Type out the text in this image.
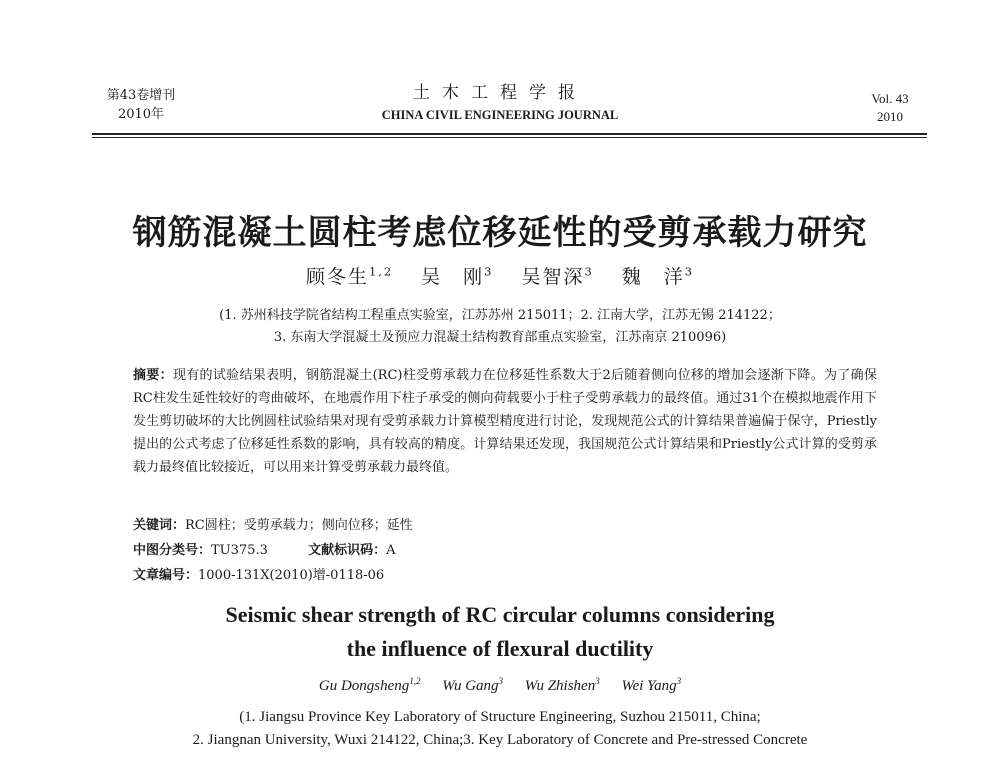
第43卷增刊
2010年
土木工程学报
CHINA CIVIL ENGINEERING JOURNAL
Vol. 43
2010
钢筋混凝土圆柱考虑位移延性的受剪承载力研究
顾冬生$^{1,2}$ 吴　刚$^3$ 吴智深$^3$ 魏　洋$^3$
(1. 苏州科技学院省结构工程重点实验室，江苏苏州 215011；2. 江南大学，江苏无锡 214122；
3. 东南大学混凝土及预应力混凝土结构教育部重点实验室，江苏南京 210096)
摘要：现有的试验结果表明，钢筋混凝土(RC)柱受剪承载力在位移延性系数大于2后随着侧向位移的增加会逐渐下降。为了确保RC柱发生延性较好的弯曲破坏，在地震作用下柱子承受的侧向荷载要小于柱子受剪承载力的最终值。通过31个在模拟地震作用下发生剪切破坏的大比例圆柱试验结果对现有受剪承载力计算模型精度进行讨论，发现规范公式的计算结果普遍偏于保守，Priestly提出的公式考虑了位移延性系数的影响，具有较高的精度。计算结果还发现，我国规范公式计算结果和Priestly公式计算的受剪承载力最终值比较接近，可以用来计算受剪承载力最终值。
关键词：RC圆柱；受剪承载力；侧向位移；延性
中图分类号：TU375.3	文献标识码：A
文章编号：1000-131X(2010)增-0118-06
Seismic shear strength of RC circular columns considering
the influence of flexural ductility
Gu Dongsheng$^{1,2}$ Wu Gang$^3$ Wu Zhishen$^3$ Wei Yang$^3$
(1. Jiangsu Province Key Laboratory of Structure Engineering, Suzhou 215011, China;
2. Jiangnan University, Wuxi 214122, China;3. Key Laboratory of Concrete and Pre-stressed Concrete
